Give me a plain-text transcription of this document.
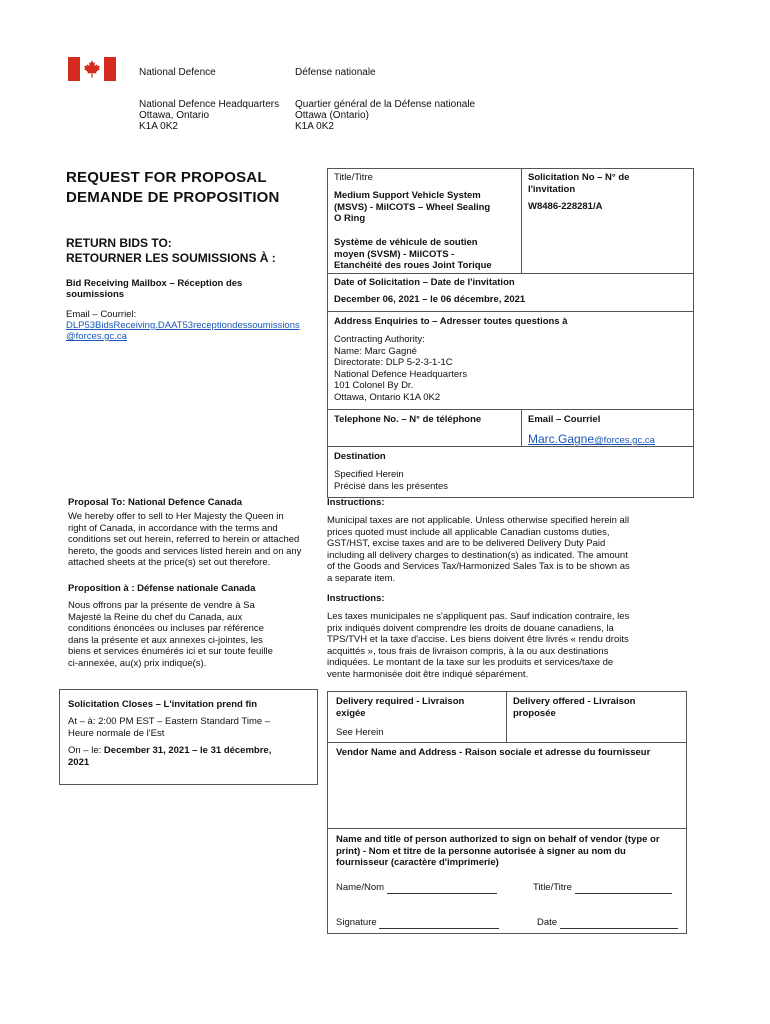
National Defence	Défense nationale
National Defence Headquarters
Ottawa, Ontario
K1A 0K2
Quartier général de la Défense nationale
Ottawa (Ontario)
K1A 0K2
REQUEST FOR PROPOSAL
DEMANDE DE PROPOSITION
RETURN BIDS TO:
RETOURNER LES SOUMISSIONS À :
Bid Receiving Mailbox – Réception des
soumissions
Email – Courriel:
DLP53BidsReceiving.DAAT53receptiondessoumissions
@forces.gc.ca
Proposal To: National Defence Canada
We hereby offer to sell to Her Majesty the Queen in
right of Canada, in accordance with the terms and
conditions set out herein, referred to herein or attached
hereto, the goods and services listed herein and on any
attached sheets at the price(s) set out therefore.
Proposition à : Défense nationale Canada
Nous offrons par la présente de vendre à Sa
Majesté la Reine du chef du Canada, aux
conditions énoncées ou incluses par référence
dans la présente et aux annexes ci-jointes, les
biens et services énumérés ici et sur toute feuille
ci-annexée, au(x) prix indique(s).
Solicitation Closes – L'invitation prend fin
At – à: 2:00 PM EST – Eastern Standard Time –
Heure normale de l'Est
On – le: December 31, 2021 – le 31 décembre,
2021
Title/Titre
Medium Support Vehicle System
(MSVS) - MilCOTS – Wheel Sealing
O Ring
Système de véhicule de soutien
moyen (SVSM) - MilCOTS -
Etanchéité des roues Joint Torique
Solicitation No – N° de
l'invitation
W8486-228281/A
Date of Solicitation – Date de l'invitation
December 06, 2021 – le 06 décembre, 2021
Address Enquiries to – Adresser toutes questions à
Contracting Authority:
Name: Marc Gagné
Directorate: DLP 5-2-3-1-1C
National Defence Headquarters
101 Colonel By Dr.
Ottawa, Ontario K1A 0K2
Telephone No. – N° de téléphone	Email – Courriel
Marc.Gagne@forces.gc.ca
Destination
Specified Herein
Précisé dans les présentes
Instructions:
Municipal taxes are not applicable. Unless otherwise specified herein all
prices quoted must include all applicable Canadian customs duties,
GST/HST, excise taxes and are to be delivered Delivery Duty Paid
including all delivery charges to destination(s) as indicated. The amount
of the Goods and Services Tax/Harmonized Sales Tax is to be shown as
a separate item.
Instructions:
Les taxes municipales ne s'appliquent pas. Sauf indication contraire, les
prix indiqués doivent comprendre les droits de douane canadiens, la
TPS/TVH et la taxe d'accise. Les biens doivent être livrés « rendu droits
acquittés », tous frais de livraison compris, à la ou aux destinations
indiquées. Le montant de la taxe sur les produits et services/taxe de
vente harmonisée doit être indiqué séparément.
Delivery required - Livraison
exigée
See Herein
Delivery offered - Livraison
proposée
Vendor Name and Address - Raison sociale et adresse du fournisseur
Name and title of person authorized to sign on behalf of vendor (type or
print) - Nom et titre de la personne autorisée à signer au nom du
fournisseur (caractère d'imprimerie)
Name/Nom	Title/Titre
Signature	Date
